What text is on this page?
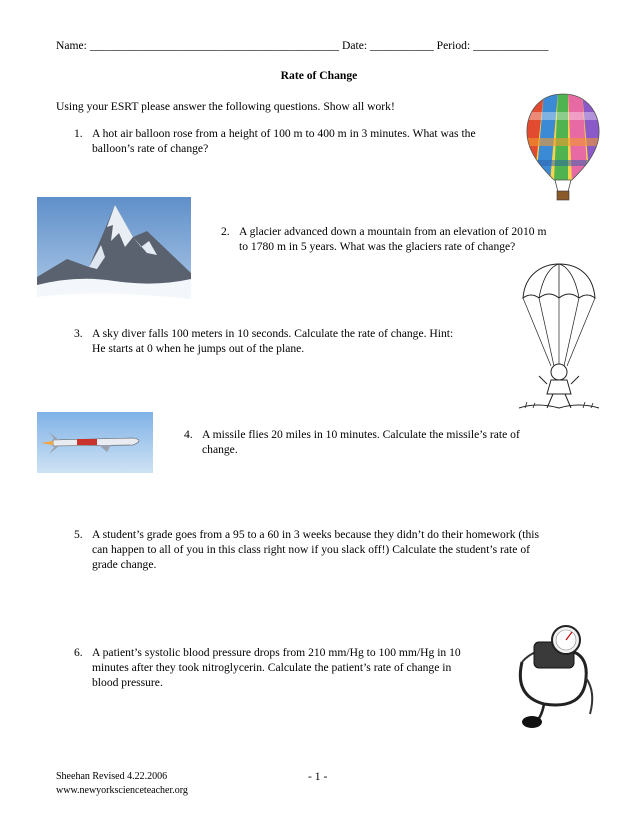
Name: ___________________________________________ Date: ___________ Period: _____________
Rate of Change
Using your ESRT please answer the following questions. Show all work!
1. A hot air balloon rose from a height of 100 m to 400 m in 3 minutes. What was the
balloon’s rate of change?
2. A glacier advanced down a mountain from an elevation of 2010 m
to 1780 m in 5 years. What was the glaciers rate of change?
3. A sky diver falls 100 meters in 10 seconds. Calculate the rate of change. Hint:
He starts at 0 when he jumps out of the plane.
4. A missile flies 20 miles in 10 minutes. Calculate the missile’s rate of
change.
5. A student’s grade goes from a 95 to a 60 in 3 weeks because they didn’t do their homework (this
can happen to all of you in this class right now if you slack off!) Calculate the student’s rate of
grade change.
6. A patient’s systolic blood pressure drops from 210 mm/Hg to 100 mm/Hg in 10
minutes after they took nitroglycerin. Calculate the patient’s rate of change in
blood pressure.
Sheehan Revised 4.22.2006
www.newyorkscienceteacher.org
- 1 -
